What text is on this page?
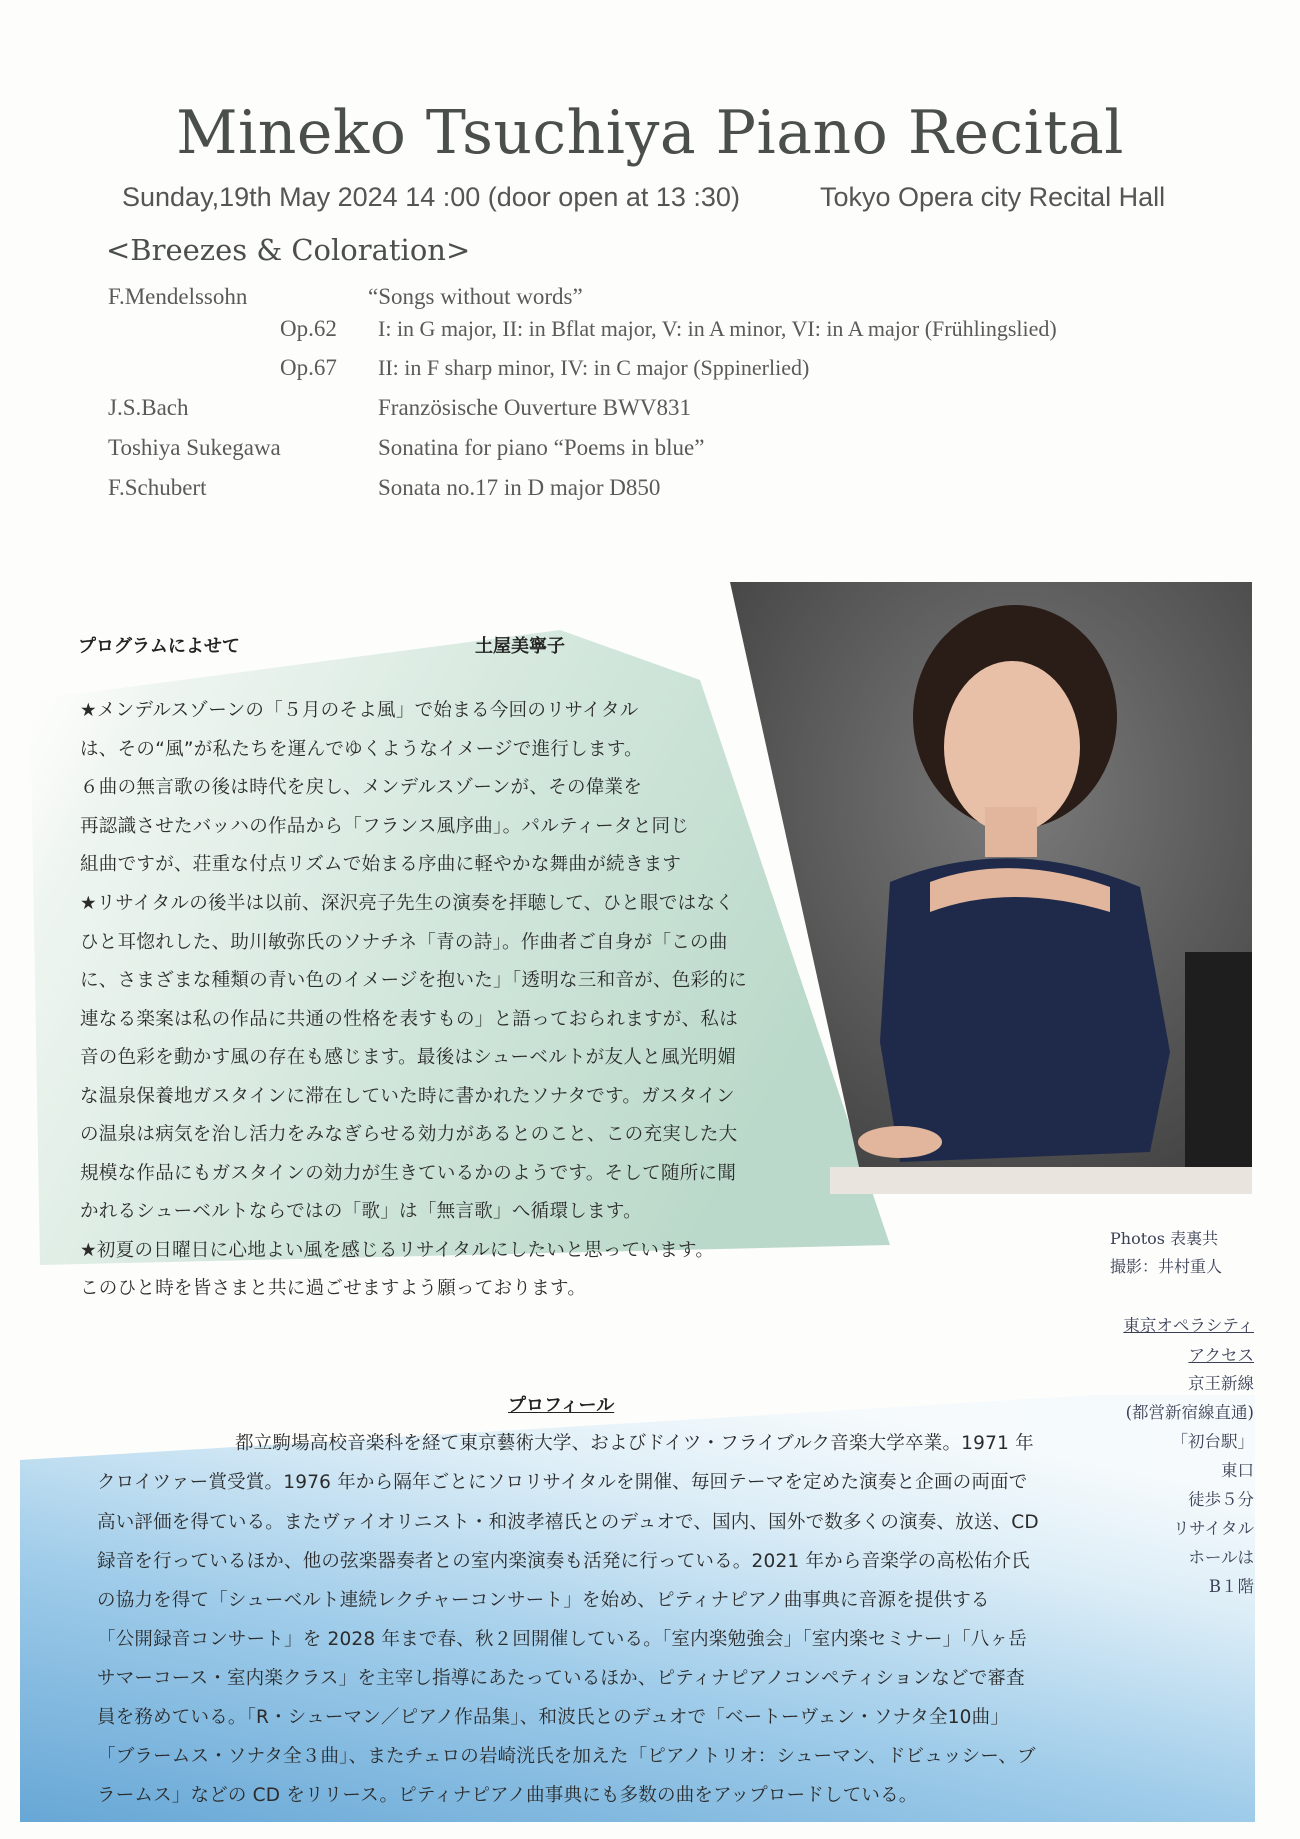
Mineko Tsuchiya Piano Recital
Sunday,19th May 2024 14 :00 (door open at 13 :30)	Tokyo Opera city Recital Hall
<Breezes & Coloration>
F.Mendelssohn	“Songs without words”
Op.62 I: in G major, II: in Bflat major, V: in A minor, VI: in A major (Frühlingslied)
Op.67 II: in F sharp minor, IV: in C major (Sppinerlied)
J.S.Bach	Französische Ouverture BWV831
Toshiya Sukegawa	Sonatina for piano “Poems in blue”
F.Schubert	Sonata no.17 in D major D850
プログラムによせて	土屋美寧子
★メンデルスゾーンの「５月のそよ風」で始まる今回のリサイタル
は、その“風”が私たちを運んでゆくようなイメージで進行します。
６曲の無言歌の後は時代を戻し、メンデルスゾーンが、その偉業を
再認識させたバッハの作品から「フランス風序曲」。パルティータと同じ
組曲ですが、荘重な付点リズムで始まる序曲に軽やかな舞曲が続きます
★リサイタルの後半は以前、深沢亮子先生の演奏を拝聴して、ひと眼ではなく
ひと耳惚れした、助川敏弥氏のソナチネ「青の詩」。作曲者ご自身が「この曲
に、さまざまな種類の青い色のイメージを抱いた」「透明な三和音が、色彩的に
連なる楽案は私の作品に共通の性格を表すもの」と語っておられますが、私は
音の色彩を動かす風の存在も感じます。最後はシューベルトが友人と風光明媚
な温泉保養地ガスタインに滞在していた時に書かれたソナタです。ガスタイン
の温泉は病気を治し活力をみなぎらせる効力があるとのこと、この充実した大
規模な作品にもガスタインの効力が生きているかのようです。そして随所に聞
かれるシューベルトならではの「歌」は「無言歌」へ循環します。
★初夏の日曜日に心地よい風を感じるリサイタルにしたいと思っています。
このひと時を皆さまと共に過ごせますよう願っております。
Photos 表裏共
撮影：井村重人
東京オペラシティ
アクセス
京王新線
(都営新宿線直通)
「初台駅」
東口
徒歩５分
リサイタル
ホールは
B１階
プロフィール
都立駒場高校音楽科を経て東京藝術大学、およびドイツ・フライブルク音楽大学卒業。1971 年
クロイツァー賞受賞。1976 年から隔年ごとにソロリサイタルを開催、毎回テーマを定めた演奏と企画の両面で
高い評価を得ている。またヴァイオリニスト・和波孝禧氏とのデュオで、国内、国外で数多くの演奏、放送、CD
録音を行っているほか、他の弦楽器奏者との室内楽演奏も活発に行っている。2021 年から音楽学の高松佑介氏
の協力を得て「シューベルト連続レクチャーコンサート」を始め、ピティナピアノ曲事典に音源を提供する
「公開録音コンサート」を 2028 年まで春、秋２回開催している。「室内楽勉強会」「室内楽セミナー」「八ヶ岳
サマーコース・室内楽クラス」を主宰し指導にあたっているほか、ピティナピアノコンペティションなどで審査
員を務めている。「R・シューマン／ピアノ作品集」、和波氏とのデュオで「ベートーヴェン・ソナタ全10曲」
「ブラームス・ソナタ全３曲」、またチェロの岩崎洸氏を加えた「ピアノトリオ：シューマン、ドビュッシー、ブ
ラームス」などの CD をリリース。ピティナピアノ曲事典にも多数の曲をアップロードしている。
